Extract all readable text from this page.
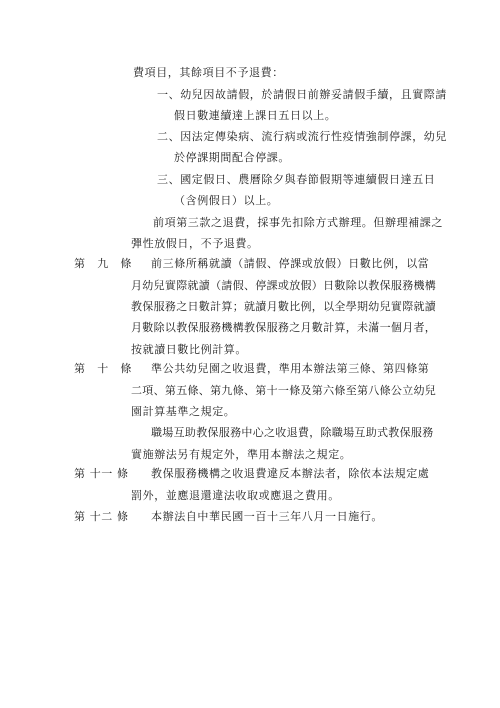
費項目，其餘項目不予退費：
一、幼兒因故請假，於請假日前辦妥請假手續，且實際請
假日數連續達上課日五日以上。
二、因法定傳染病、流行病或流行性疫情強制停課，幼兒
於停課期間配合停課。
三、國定假日、農曆除夕與春節假期等連續假日達五日
（含例假日）以上。
前項第三款之退費，採事先扣除方式辦理。但辦理補課之
彈性放假日，不予退費。
第　九　條 前三條所稱就讀（請假、停課或放假）日數比例，以當
月幼兒實際就讀（請假、停課或放假）日數除以教保服務機構
教保服務之日數計算；就讀月數比例，以全學期幼兒實際就讀
月數除以教保服務機構教保服務之月數計算，未滿一個月者，
按就讀日數比例計算。
第　十　條 準公共幼兒園之收退費，準用本辦法第三條、第四條第
二項、第五條、第九條、第十一條及第六條至第八條公立幼兒
園計算基準之規定。
職場互助教保服務中心之收退費，除職場互助式教保服務
實施辦法另有規定外，準用本辦法之規定。
第 十一 條 教保服務機構之收退費違反本辦法者，除依本法規定處
罰外，並應退還違法收取或應退之費用。
第 十二 條 本辦法自中華民國一百十三年八月一日施行。
